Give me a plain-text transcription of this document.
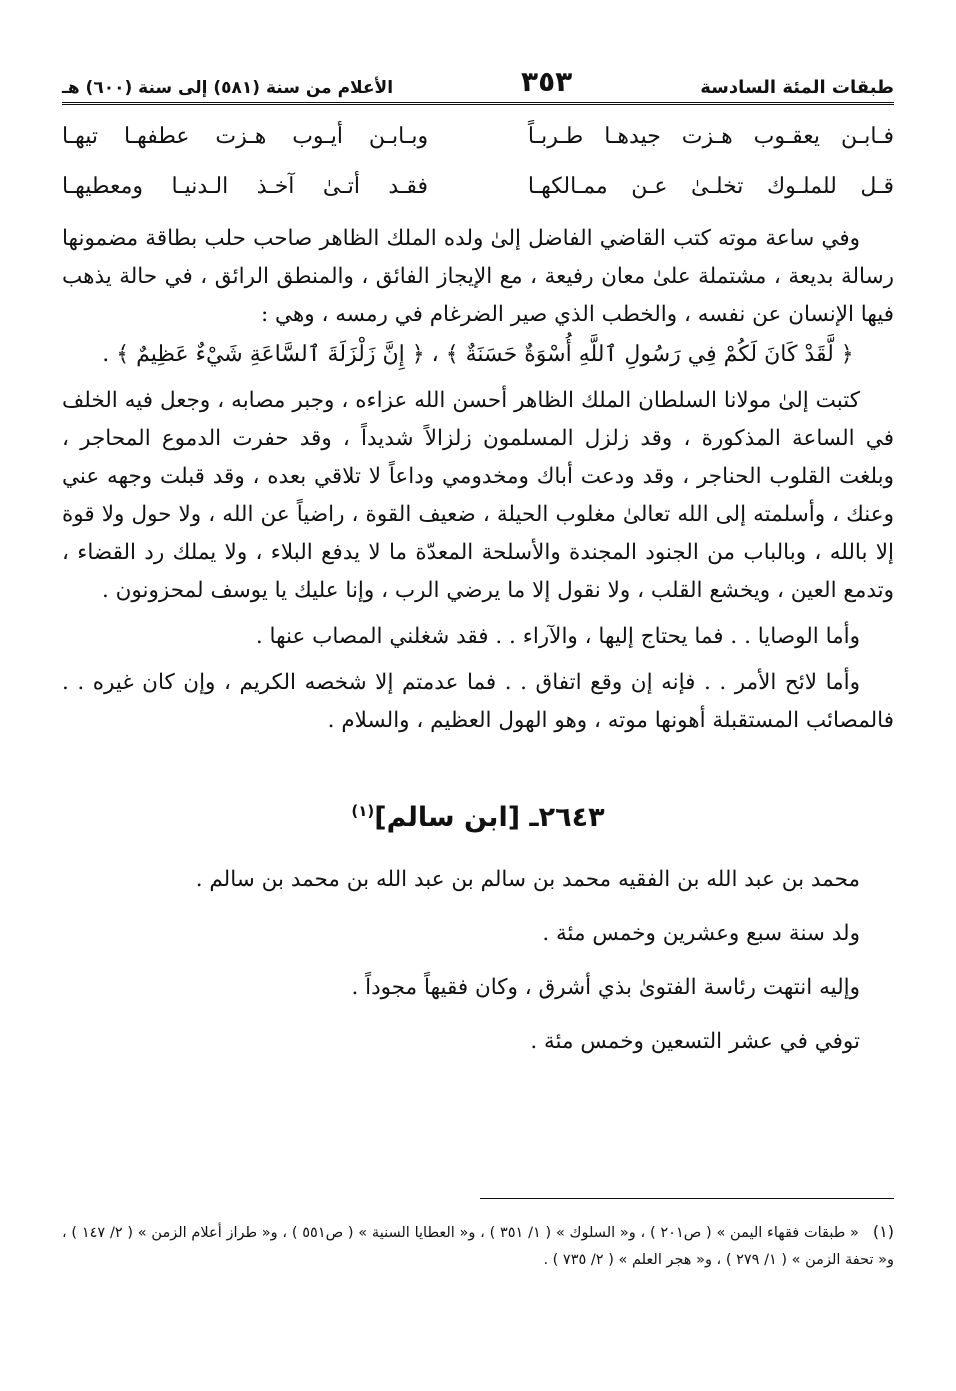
طبقات المئة السادسة
٣٥٣
الأعلام من سنة (٥٨١) إلى سنة (٦٠٠) هـ
فـابـن يعقـوب هـزت جيدهـا طـربـاً
وبـابـن أيـوب هـزت عطفهـا تيهـا
قـل للملـوك تخلـىٰ عـن ممـالكهـا
فقـد أتـىٰ آخـذ الـدنيـا ومعطيهـا

وفي ساعة موته كتب القاضي الفاضل إلىٰ ولده الملك الظاهر صاحب حلب بطاقة مضمونها رسالة بديعة ، مشتملة علىٰ معان رفيعة ، مع الإيجاز الفائق ، والمنطق الرائق ، في حالة يذهب فيها الإنسان عن نفسه ، والخطب الذي صير الضرغام في رمسه ، وهي :

﴿ لَّقَدْ كَانَ لَكُمْ فِي رَسُولِ ٱللَّهِ أُسْوَةٌ حَسَنَةٌ ﴾ ، ﴿ إِنَّ زَلْزَلَةَ ٱلسَّاعَةِ شَيْءٌ عَظِيمٌ ﴾ .

كتبت إلىٰ مولانا السلطان الملك الظاهر أحسن الله عزاءه ، وجبر مصابه ، وجعل فيه الخلف في الساعة المذكورة ، وقد زلزل المسلمون زلزالاً شديداً ، وقد حفرت الدموع المحاجر ، وبلغت القلوب الحناجر ، وقد ودعت أباك ومخدومي وداعاً لا تلاقي بعده ، وقد قبلت وجهه عني وعنك ، وأسلمته إلى الله تعالىٰ مغلوب الحيلة ، ضعيف القوة ، راضياً عن الله ، ولا حول ولا قوة إلا بالله ، وبالباب من الجنود المجندة والأسلحة المعدّة ما لا يدفع البلاء ، ولا يملك رد القضاء ، وتدمع العين ، ويخشع القلب ، ولا نقول إلا ما يرضي الرب ، وإنا عليك يا يوسف لمحزونون .

وأما الوصايا . . فما يحتاج إليها ، والآراء . . فقد شغلني المصاب عنها .

وأما لائح الأمر . . فإنه إن وقع اتفاق . . فما عدمتم إلا شخصه الكريم ، وإن كان غيره . . فالمصائب المستقبلة أهونها موته ، وهو الهول العظيم ، والسلام .

٢٦٤٣ـ [ابن سالم]$^{(١)}$

محمد بن عبد الله بن الفقيه محمد بن سالم بن عبد الله بن محمد بن سالم .

ولد سنة سبع وعشرين وخمس مئة .

وإليه انتهت رئاسة الفتوىٰ بذي أشرق ، وكان فقيهاً مجوداً .

توفي في عشر التسعين وخمس مئة .

(١)« طبقات فقهاء اليمن » ( ص٢٠١ ) ، و« السلوك » ( ١/ ٣٥١ ) ، و« العطايا السنية » ( ص٥٥١ ) ، و« طراز أعلام الزمن » ( ٢/ ١٤٧ ) ، و« تحفة الزمن » ( ١/ ٢٧٩ ) ، و« هجر العلم » ( ٢/ ٧٣٥ ) .
